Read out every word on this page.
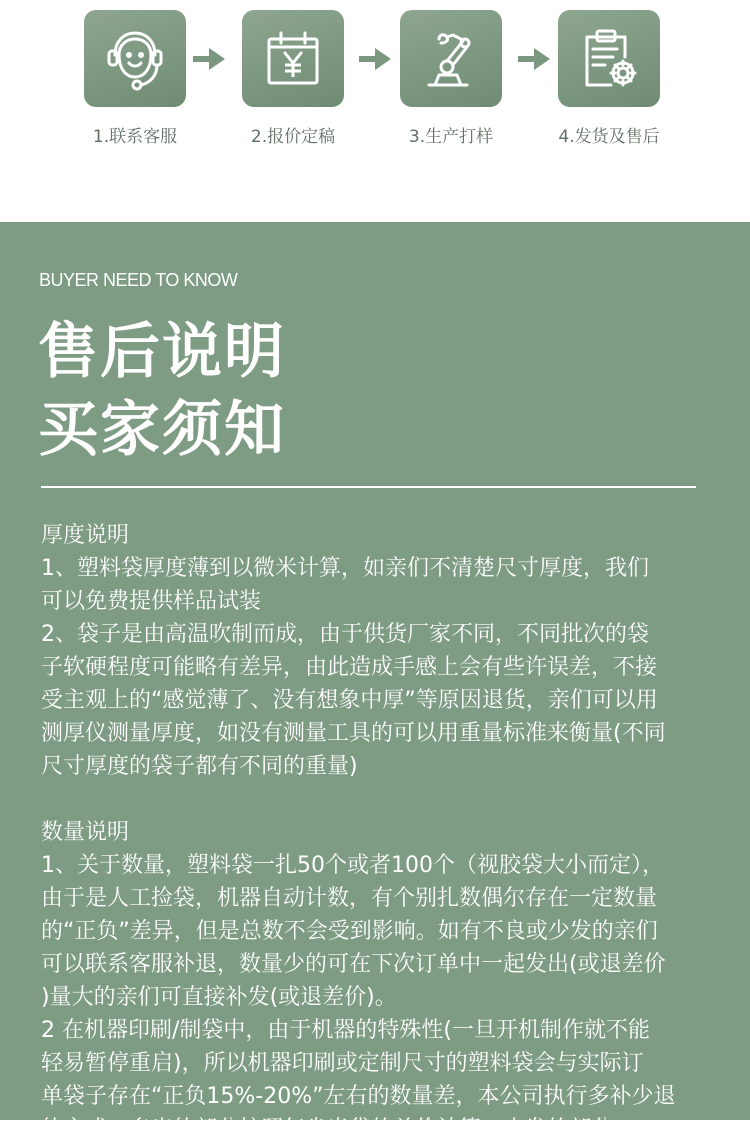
1.联系客服	2.报价定稿	3.生产打样	4.发货及售后
BUYER NEED TO KNOW
售后说明
买家须知

厚度说明

1、塑料袋厚度薄到以微米计算，如亲们不清楚尺寸厚度，我们

可以免费提供样品试装

2、袋子是由高温吹制而成，由于供货厂家不同，不同批次的袋

子软硬程度可能略有差异，由此造成手感上会有些许误差，不接

受主观上的“感觉薄了、没有想象中厚”等原因退货，亲们可以用

测厚仪测量厚度，如没有测量工具的可以用重量标准来衡量(不同

尺寸厚度的袋子都有不同的重量)

数量说明

1、关于数量，塑料袋一扎50个或者100个（视胶袋大小而定），

由于是人工捡袋，机器自动计数，有个别扎数偶尔存在一定数量

的“正负”差异，但是总数不会受到影响。如有不良或少发的亲们

可以联系客服补退，数量少的可在下次订单中一起发出(或退差价

)量大的亲们可直接补发(或退差价)。

2 在机器印刷/制袋中，由于机器的特殊性(一旦开机制作就不能

轻易暂停重启)，所以机器印刷或定制尺寸的塑料袋会与实际订

单袋子存在“正负15%-20%”左右的数量差，本公司执行多补少退

的方式，多出的部分按照每省米袋的单价计算，少发的部分
